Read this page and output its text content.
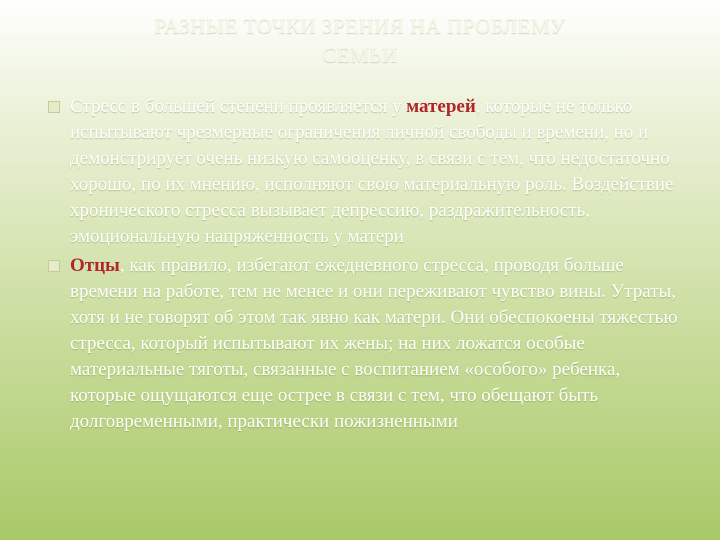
РАЗНЫЕ ТОЧКИ ЗРЕНИЯ НА ПРОБЛЕМУ
СЕМЬИ
Стресс в большей степени проявляется у матерей, которые не только испытывают чрезмерные ограничения личной свободы и времени, но и демонстрирует очень низкую самооценку, в связи с тем, что недостаточно хорошо, по их мнению, исполняют свою материальную роль. Воздействие хронического стресса вызывает депрессию, раздражительность, эмоциональную напряженность у матери
Отцы, как правило, избегают ежедневного стресса, проводя больше времени на работе, тем не менее и они переживают чувство вины. Утраты, хотя и не говорят об этом так явно как матери. Они обеспокоены тяжестью стресса, который испытывают их жены; на них ложатся особые материальные тяготы, связанные с воспитанием «особого» ребенка, которые ощущаются еще острее в связи с тем, что обещают быть долговременными, практически пожизненными
